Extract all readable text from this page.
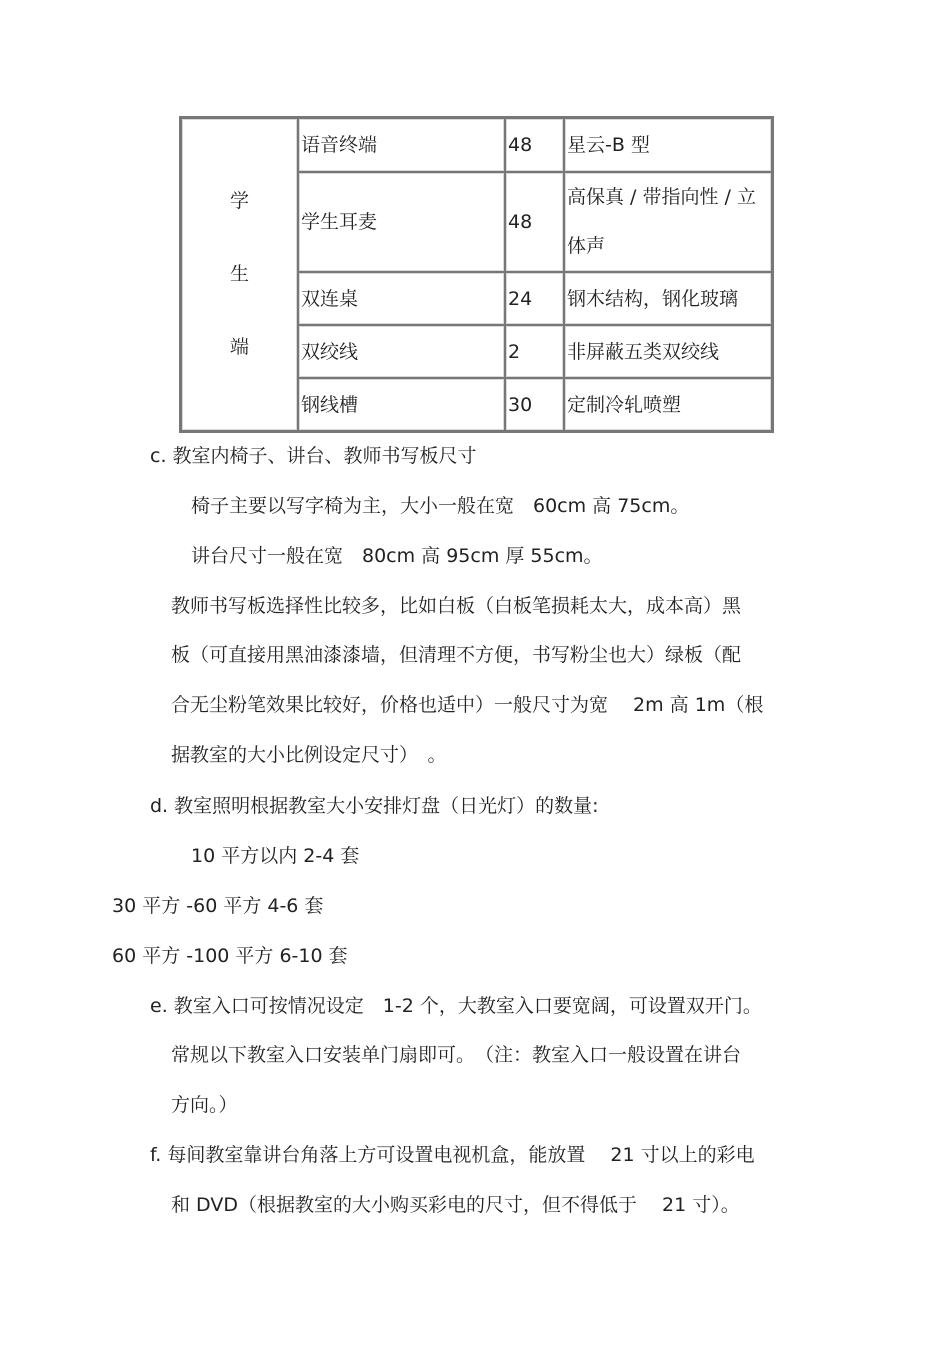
学
生
端	语音终端	48	星云-B 型
	学生耳麦	48	高保真 / 带指向性 / 立体声
	双连桌	24	钢木结构，钢化玻璃
	双绞线	2	非屏蔽五类双绞线
	钢线槽	30	定制冷轧喷塑
c. 教室内椅子、讲台、教师书写板尺寸
椅子主要以写字椅为主，大小一般在宽　60cm 高 75cm。
讲台尺寸一般在宽　80cm 高 95cm 厚 55cm。
教师书写板选择性比较多，比如白板（白板笔损耗太大，成本高）黑
板（可直接用黑油漆漆墙，但清理不方便，书写粉尘也大）绿板（配
合无尘粉笔效果比较好，价格也适中）一般尺寸为宽　 2m 高 1m（根
据教室的大小比例设定尺寸）　。
d. 教室照明根据教室大小安排灯盘（日光灯）的数量:
10 平方以内 2-4 套
30 平方 -60 平方 4-6 套
60 平方 -100 平方 6-10 套
e. 教室入口可按情况设定　1-2 个，大教室入口要宽阔，可设置双开门。
常规以下教室入口安装单门扇即可。　（注：教室入口一般设置在讲台
方向。）
f. 每间教室靠讲台角落上方可设置电视机盒，能放置　 21 寸以上的彩电
和 DVD（根据教室的大小购买彩电的尺寸，但不得低于　 21 寸）。
